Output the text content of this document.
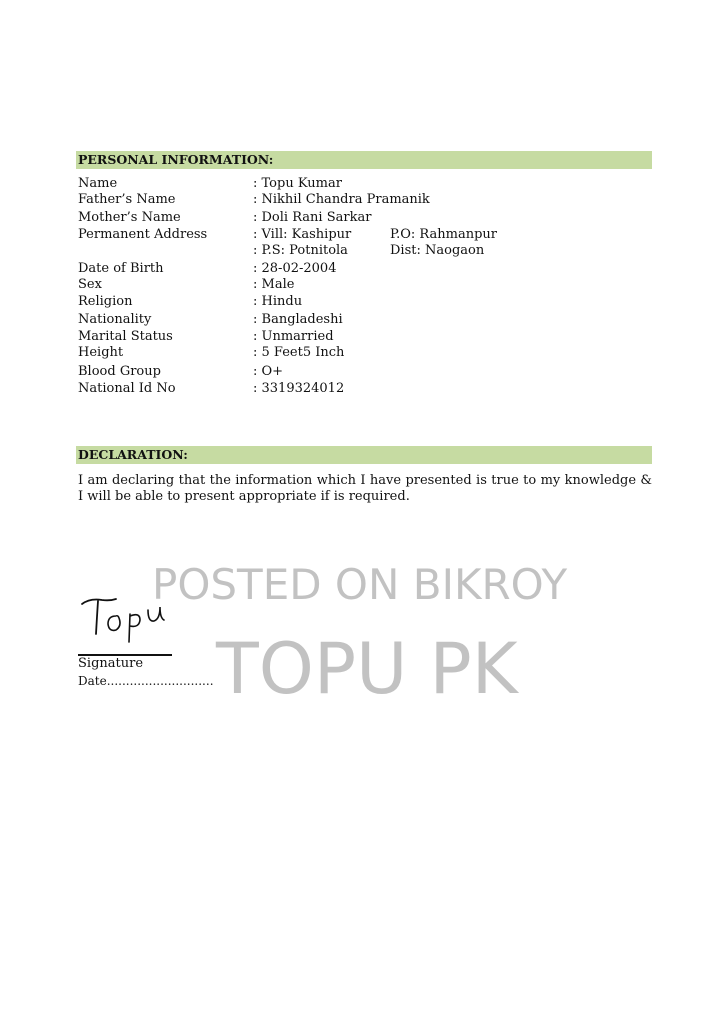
PERSONAL INFORMATION:
Name	: Topu Kumar
Father’s Name	: Nikhil Chandra Pramanik
Mother’s Name	: Doli Rani Sarkar
Permanent Address	: Vill: Kashipur	P.O: Rahmanpur
: P.S: Potnitola	Dist: Naogaon
Date of Birth	: 28-02-2004
Sex	: Male
Religion	: Hindu
Nationality	: Bangladeshi
Marital Status	: Unmarried
Height	: 5 Feet5 Inch
Blood Group	: O+
National Id No	: 3319324012
DECLARATION:
I am declaring that the information which I have presented is true to my knowledge & I will be able to present appropriate if is required.
POSTED ON BIKROY
TOPU PK
Signature
Date............................
